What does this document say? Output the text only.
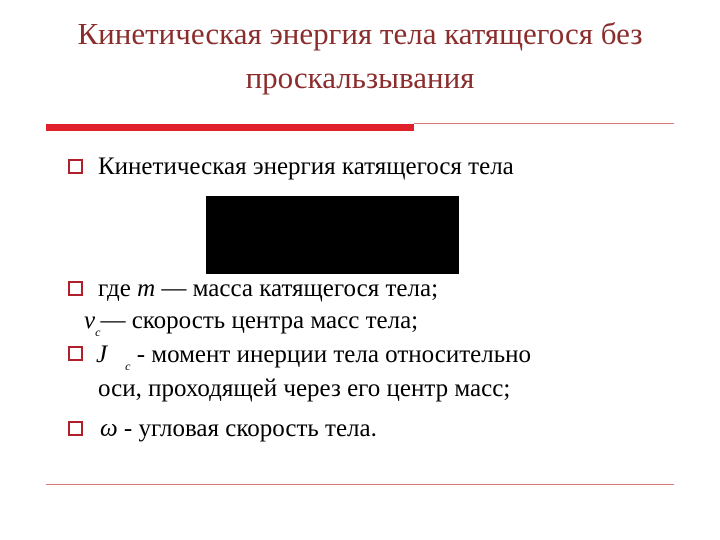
Кинетическая энергия тела катящегося без
проскальзывания
Кинетическая энергия катящегося тела
где m — масса катящегося тела;
$v_c—$ скорость центра масс тела;
J $_c$ - момент инерции тела относительно
оси, проходящей через его центр масс;
ω - угловая скорость тела.
